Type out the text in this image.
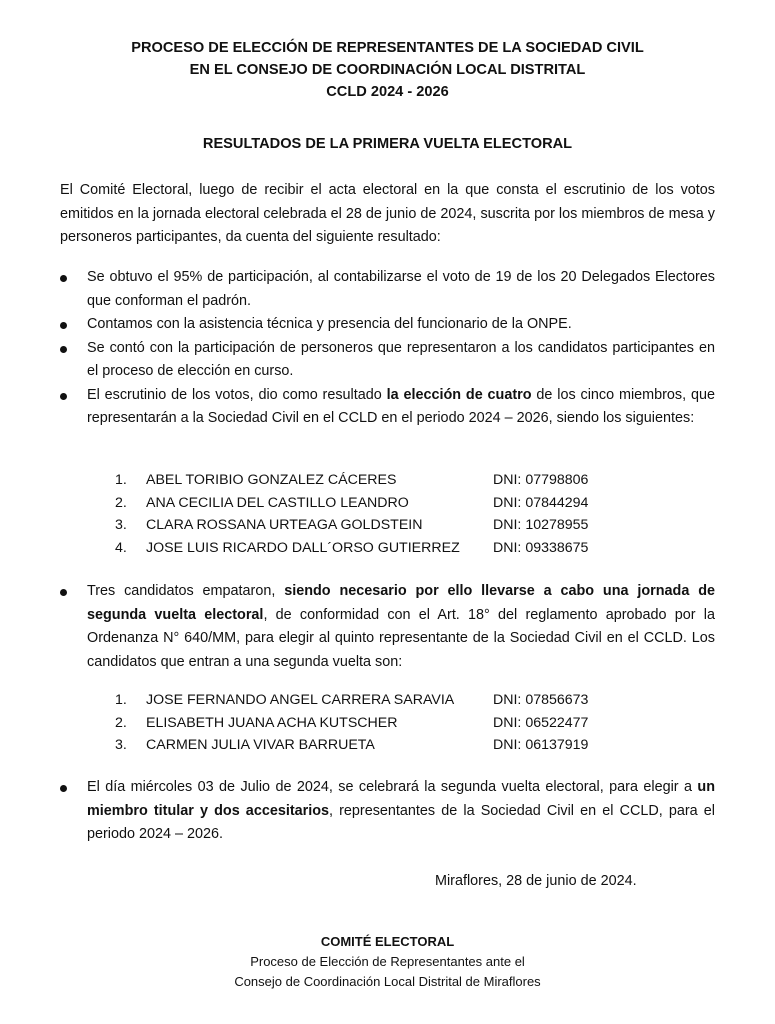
PROCESO DE ELECCIÓN DE REPRESENTANTES DE LA SOCIEDAD CIVIL
EN EL CONSEJO DE COORDINACIÓN LOCAL DISTRITAL
CCLD 2024 - 2026
RESULTADOS DE LA PRIMERA VUELTA ELECTORAL
El Comité Electoral, luego de recibir el acta electoral en la que consta el escrutinio de los votos emitidos en la jornada electoral celebrada el 28 de junio de 2024, suscrita por los miembros de mesa y personeros participantes, da cuenta del siguiente resultado:
Se obtuvo el 95% de participación, al contabilizarse el voto de 19 de los 20 Delegados Electores que conforman el padrón.
Contamos con la asistencia técnica y presencia del funcionario de la ONPE.
Se contó con la participación de personeros que representaron a los candidatos participantes en el proceso de elección en curso.
El escrutinio de los votos, dio como resultado la elección de cuatro de los cinco miembros, que representarán a la Sociedad Civil en el CCLD en el periodo 2024 – 2026, siendo los siguientes:
1.	ABEL TORIBIO GONZALEZ CÁCERES	DNI: 07798806
2.	ANA CECILIA DEL CASTILLO LEANDRO	DNI: 07844294
3.	CLARA ROSSANA URTEAGA GOLDSTEIN	DNI: 10278955
4.	JOSE LUIS RICARDO DALL´ORSO GUTIERREZ DNI: 09338675
Tres candidatos empataron, siendo necesario por ello llevarse a cabo una jornada de segunda vuelta electoral, de conformidad con el Art. 18° del reglamento aprobado por la Ordenanza N° 640/MM, para elegir al quinto representante de la Sociedad Civil en el CCLD. Los candidatos que entran a una segunda vuelta son:
1.	JOSE FERNANDO ANGEL CARRERA SARAVIA	DNI: 07856673
2.	ELISABETH JUANA ACHA KUTSCHER	DNI: 06522477
3.	CARMEN JULIA VIVAR BARRUETA	DNI: 06137919
El día miércoles 03 de Julio de 2024, se celebrará la segunda vuelta electoral, para elegir a un miembro titular y dos accesitarios, representantes de la Sociedad Civil en el CCLD, para el periodo 2024 – 2026.
Miraflores, 28 de junio de 2024.
COMITÉ ELECTORAL
Proceso de Elección de Representantes ante el
Consejo de Coordinación Local Distrital de Miraflores
